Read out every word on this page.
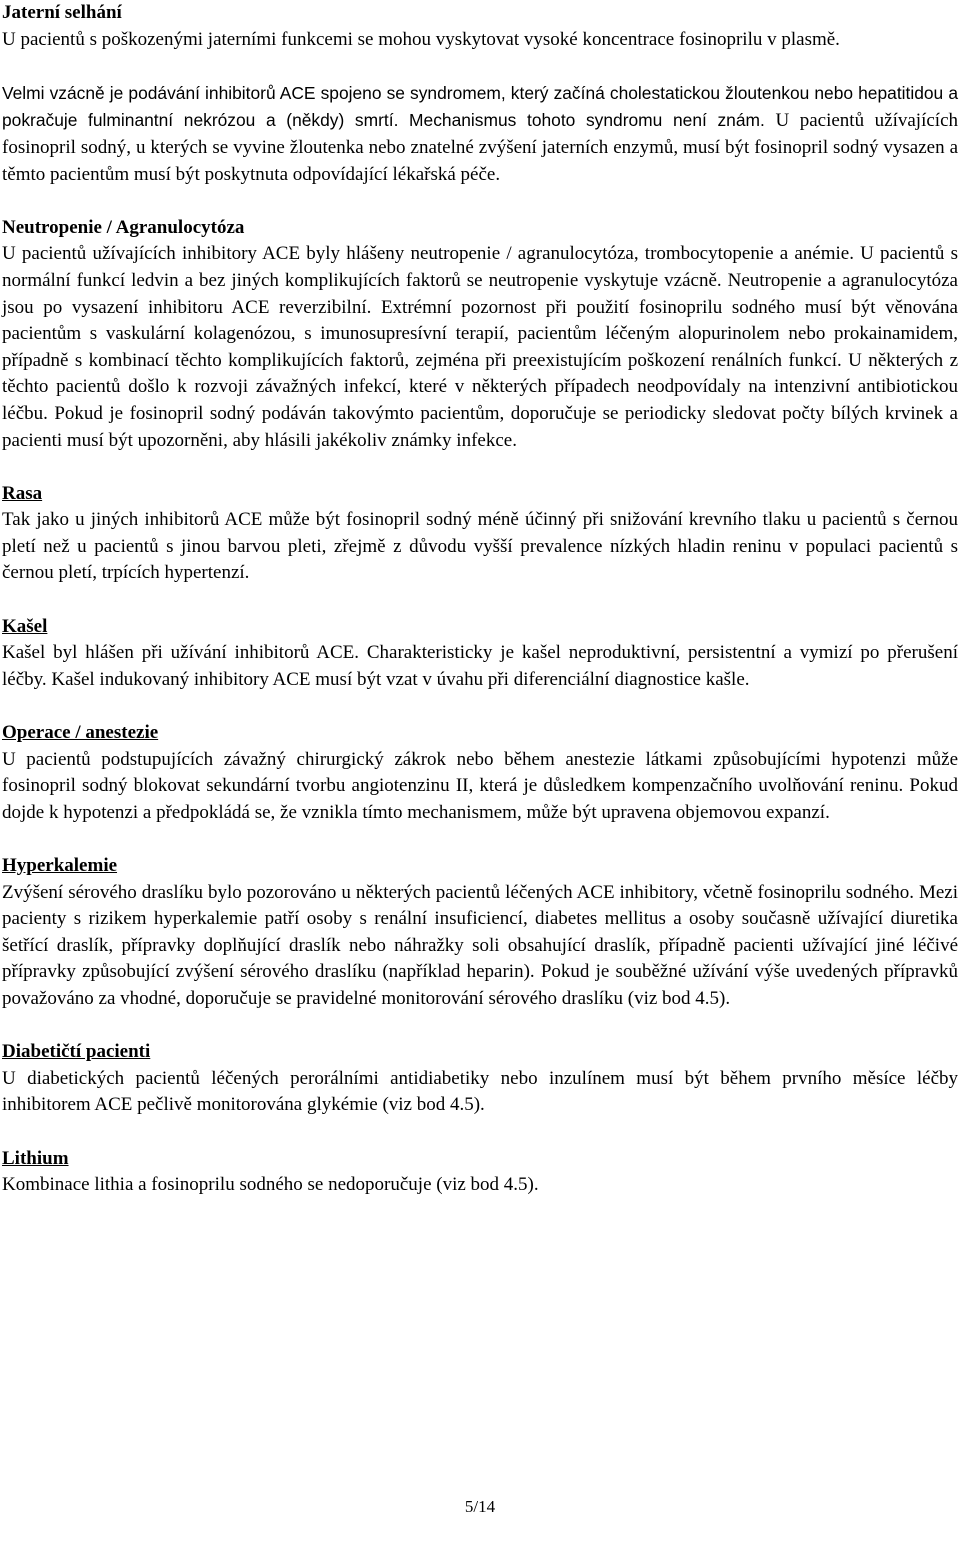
Jaterní selhání

U pacientů s poškozenými jaterními funkcemi se mohou vyskytovat vysoké koncentrace fosinoprilu v plasmě.

Velmi vzácně je podávání inhibitorů ACE spojeno se syndromem, který začíná cholestatickou žloutenkou nebo hepatitidou a pokračuje fulminantní nekrózou a (někdy) smrtí. Mechanismus tohoto syndromu není znám. U pacientů užívajících fosinopril sodný, u kterých se vyvine žloutenka nebo znatelné zvýšení jaterních enzymů, musí být fosinopril sodný vysazen a těmto pacientům musí být poskytnuta odpovídající lékařská péče.

Neutropenie / Agranulocytóza

U pacientů užívajících inhibitory ACE byly hlášeny neutropenie / agranulocytóza, trombocytopenie a anémie. U pacientů s normální funkcí ledvin a bez jiných komplikujících faktorů se neutropenie vyskytuje vzácně. Neutropenie a agranulocytóza jsou po vysazení inhibitoru ACE reverzibilní. Extrémní pozornost při použití fosinoprilu sodného musí být věnována pacientům s vaskulární kolagenózou, s imunosupresívní terapií, pacientům léčeným alopurinolem nebo prokainamidem, případně s kombinací těchto komplikujících faktorů, zejména při preexistujícím poškození renálních funkcí. U některých z těchto pacientů došlo k rozvoji závažných infekcí, které v některých případech neodpovídaly na intenzivní antibiotickou léčbu. Pokud je fosinopril sodný podáván takovýmto pacientům, doporučuje se periodicky sledovat počty bílých krvinek a pacienti musí být upozorněni, aby hlásili jakékoliv známky infekce.

Rasa

Tak jako u jiných inhibitorů ACE může být fosinopril sodný méně účinný při snižování krevního tlaku u pacientů s černou pletí než u pacientů s jinou barvou pleti, zřejmě z důvodu vyšší prevalence nízkých hladin reninu v populaci pacientů s černou pletí, trpících hypertenzí.

Kašel

Kašel byl hlášen při užívání inhibitorů ACE. Charakteristicky je kašel neproduktivní, persistentní a vymizí po přerušení léčby. Kašel indukovaný inhibitory ACE musí být vzat v úvahu při diferenciální diagnostice kašle.

Operace / anestezie

U pacientů podstupujících závažný chirurgický zákrok nebo během anestezie látkami způsobujícími hypotenzi může fosinopril sodný blokovat sekundární tvorbu angiotenzinu II, která je důsledkem kompenzačního uvolňování reninu. Pokud dojde k hypotenzi a předpokládá se, že vznikla tímto mechanismem, může být upravena objemovou expanzí.

Hyperkalemie

Zvýšení sérového draslíku bylo pozorováno u některých pacientů léčených ACE inhibitory, včetně fosinoprilu sodného. Mezi pacienty s rizikem hyperkalemie patří osoby s renální insuficiencí, diabetes mellitus a osoby současně užívající diuretika šetřící draslík, přípravky doplňující draslík nebo náhražky soli obsahující draslík, případně pacienti užívající jiné léčivé přípravky způsobující zvýšení sérového draslíku (například heparin). Pokud je souběžné užívání výše uvedených přípravků považováno za vhodné, doporučuje se pravidelné monitorování sérového draslíku (viz bod 4.5).

Diabetičtí pacienti

U diabetických pacientů léčených perorálními antidiabetiky nebo inzulínem musí být během prvního měsíce léčby inhibitorem ACE pečlivě monitorována glykémie (viz bod 4.5).

Lithium

Kombinace lithia a fosinoprilu sodného se nedoporučuje (viz bod 4.5).

5/14
